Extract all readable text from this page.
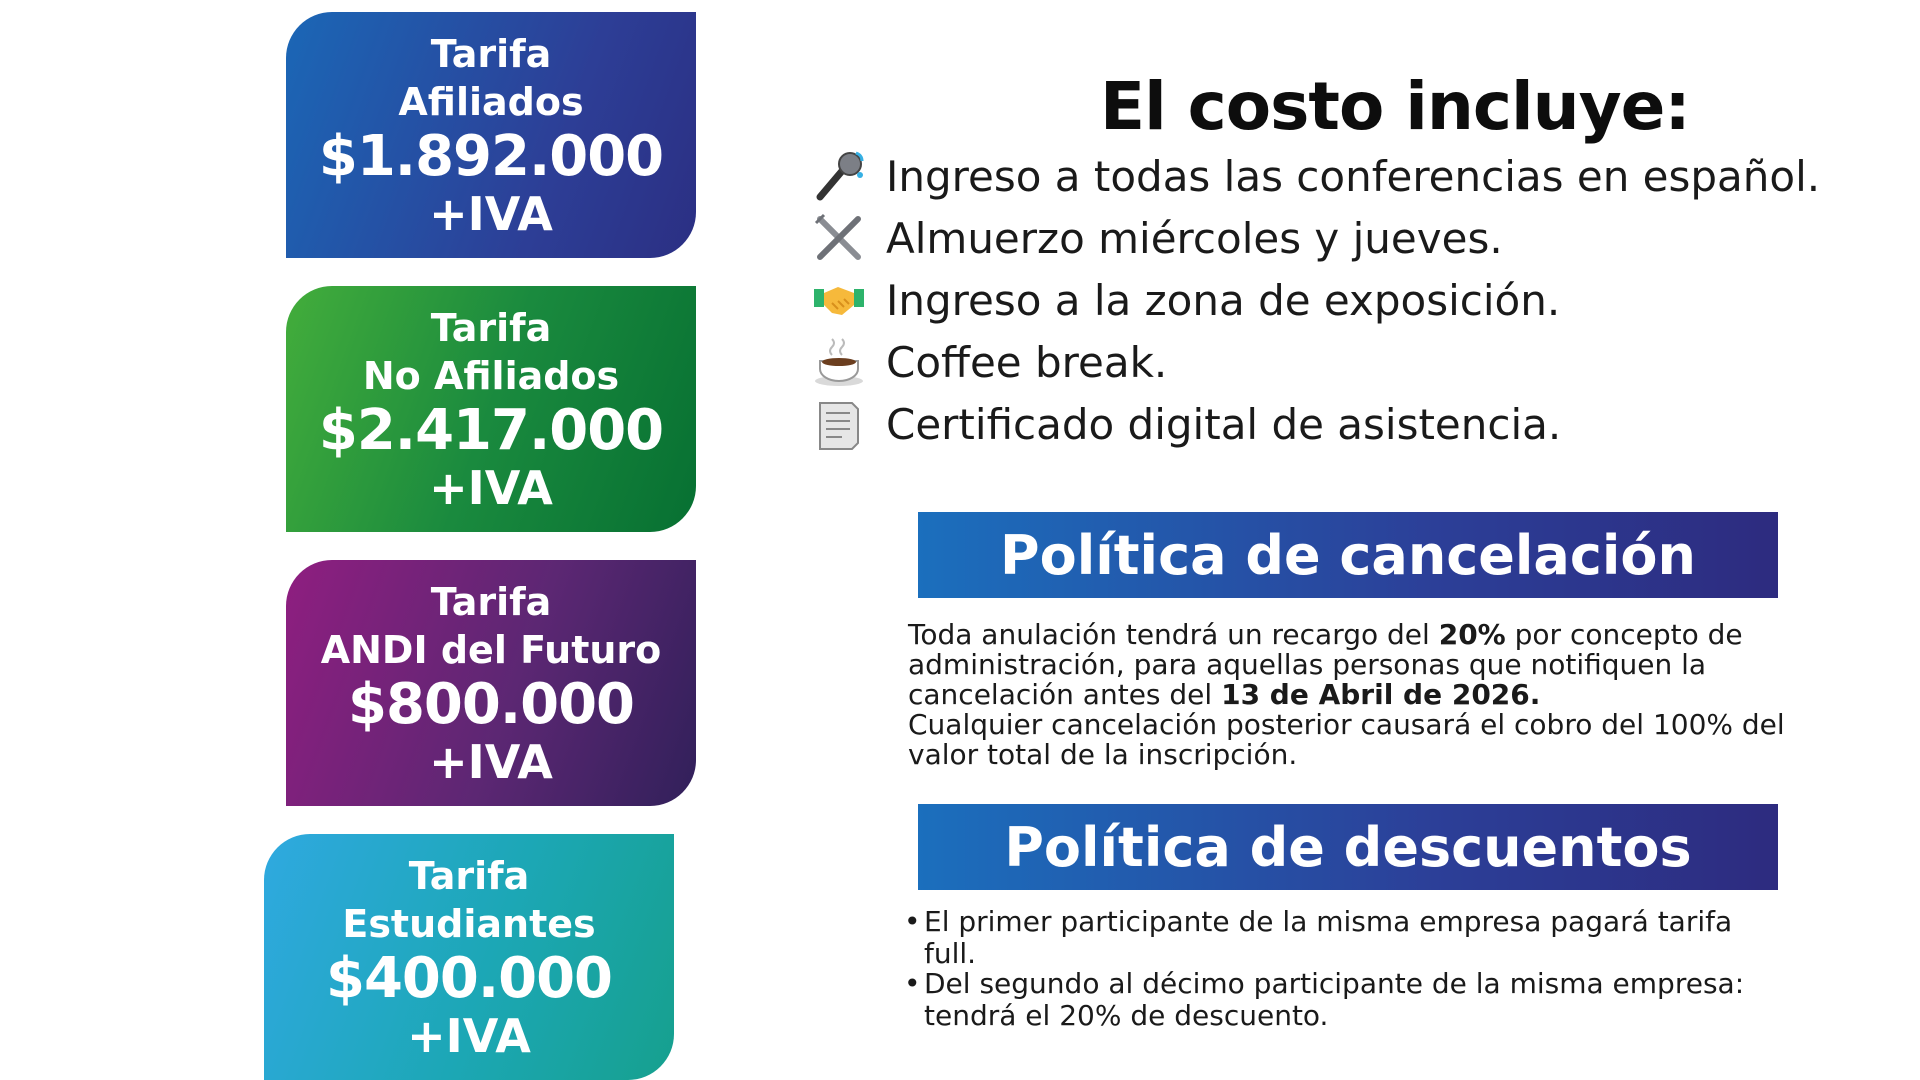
Tarifa
Afiliados
$1.892.000
+IVA
Tarifa
No Afiliados
$2.417.000
+IVA
Tarifa
ANDI del Futuro
$800.000
+IVA
Tarifa
Estudiantes
$400.000
+IVA
El costo incluye:
Ingreso a todas las conferencias en español.
Almuerzo miércoles y jueves.
Ingreso a la zona de exposición.
Coffee break.
Certificado digital de asistencia.
Política de cancelación
Toda anulación tendrá un recargo del 20% por concepto de administración, para aquellas personas que notifiquen la cancelación antes del 13 de Abril de 2026.
Cualquier cancelación posterior causará el cobro del 100% del valor total de la inscripción.
Política de descuentos
• El primer participante de la misma empresa pagará tarifa full.
• Del segundo al décimo participante de la misma empresa: tendrá el 20% de descuento.
